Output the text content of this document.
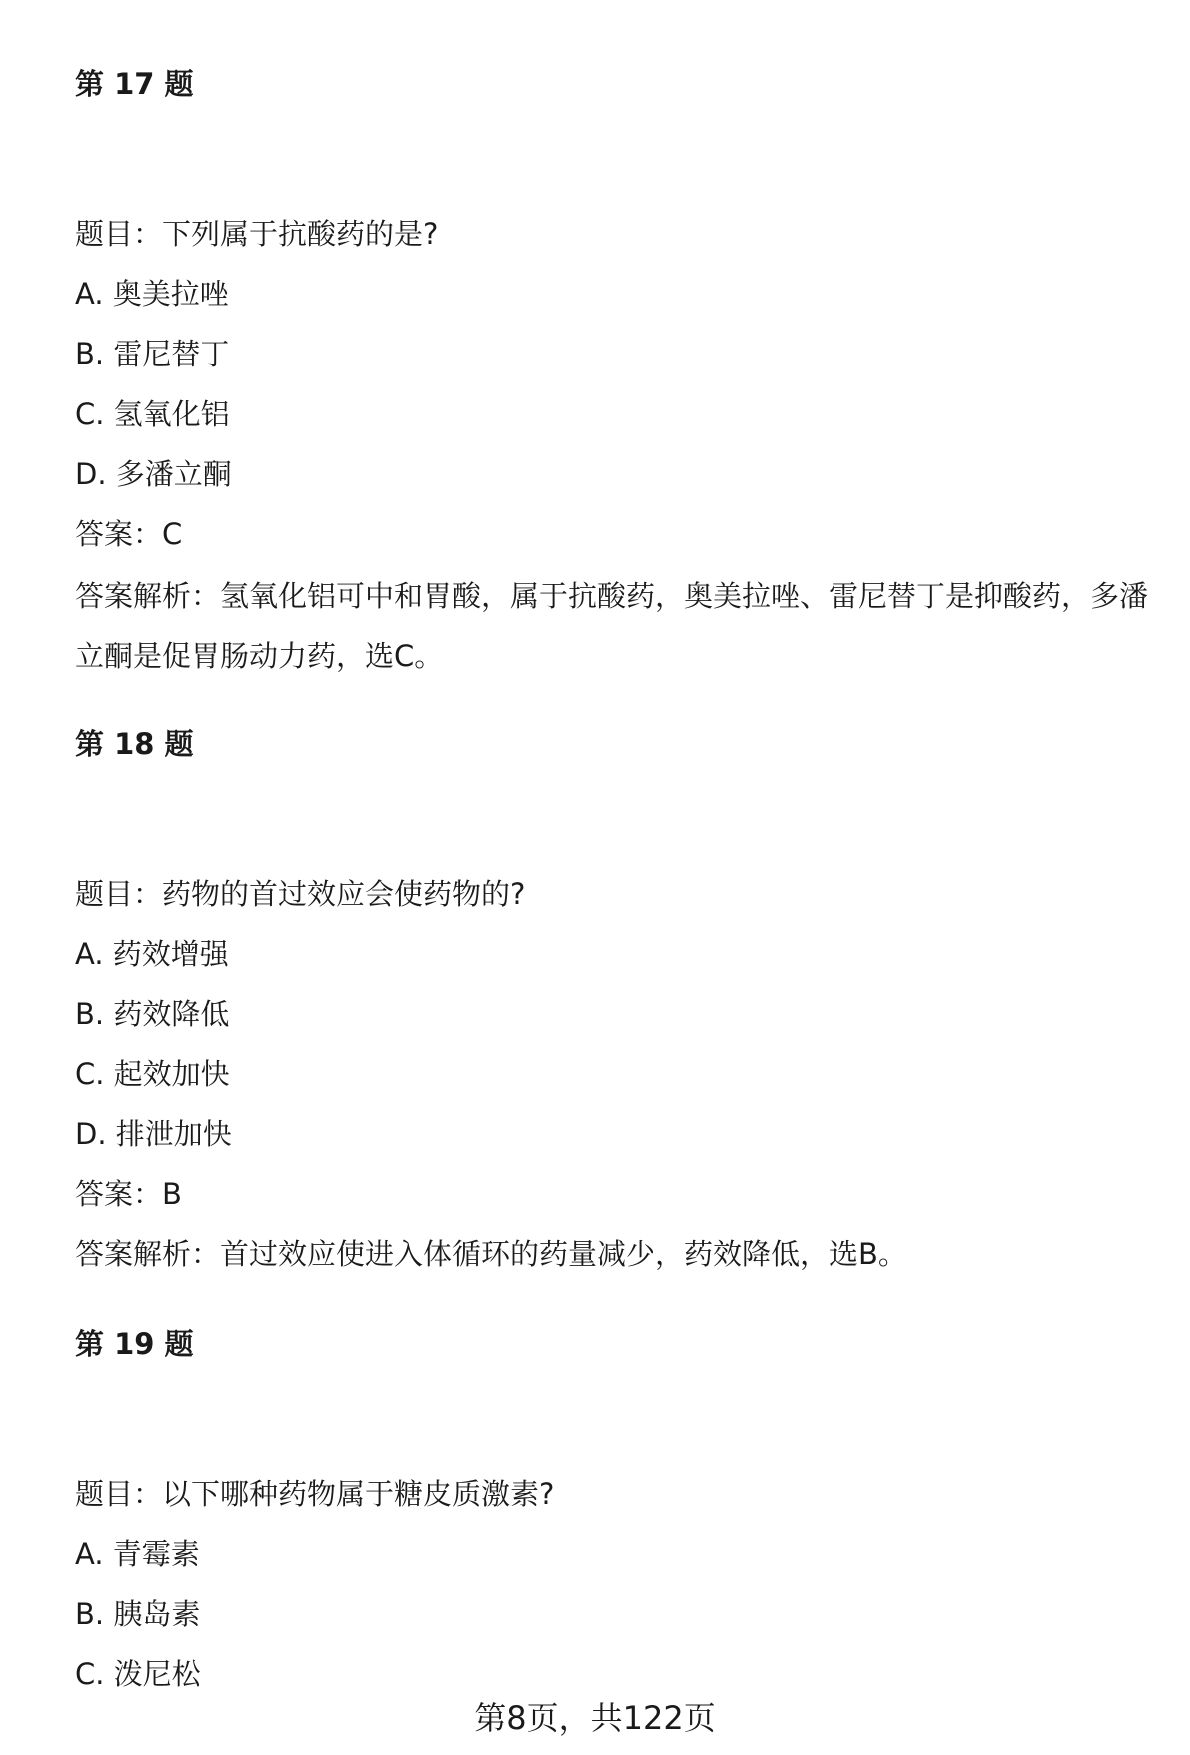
第 17 题
题目：下列属于抗酸药的是?
A. 奥美拉唑
B. 雷尼替丁
C. 氢氧化铝
D. 多潘立酮
答案：C
答案解析：氢氧化铝可中和胃酸，属于抗酸药，奥美拉唑、雷尼替丁是抑酸药，多潘立酮是促胃肠动力药，选C。
第 18 题
题目：药物的首过效应会使药物的?
A. 药效增强
B. 药效降低
C. 起效加快
D. 排泄加快
答案：B
答案解析：首过效应使进入体循环的药量减少，药效降低，选B。
第 19 题
题目：以下哪种药物属于糖皮质激素?
A. 青霉素
B. 胰岛素
C. 泼尼松
第8页，共122页
